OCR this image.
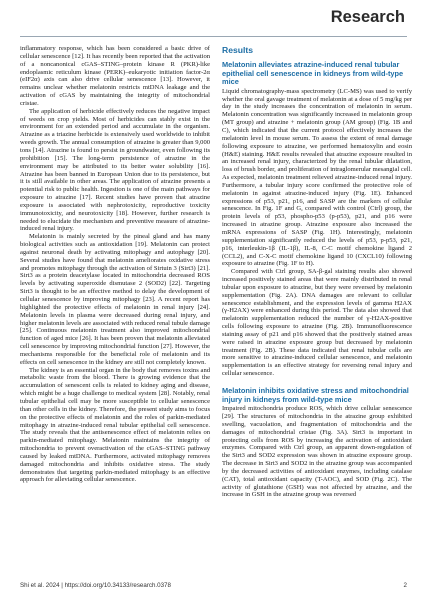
Research

inflammatory response, which has been considered a basic drive of cellular senescence [12]. It has recently been reported that the activation of a noncanonical cGAS–STING–protein kinase R (PKR)-like endoplasmic reticulum kinase (PERK)–eukaryotic initiation factor-2α (eIF2α) axis can also drive cellular senescence [13]. However, it remains unclear whether melatonin restricts mtDNA leakage and the activation of cGAS by maintaining the integrity of mitochondrial cristae.

The application of herbicide effectively reduces the negative impact of weeds on crop yields. Most of herbicides can stably exist in the environment for an extended period and accumulate in the organism. Atrazine as a triazine herbicide is extensively used worldwide to inhibit weeds growth. The annual consumption of atrazine is greater than 9,000 tons [14]. Atrazine is found to persist in groundwater, even following its prohibition [15]. The long-term persistence of atrazine in the environment may be attributed to its better water solubility [16]. Atrazine has been banned in European Union due to its persistence, but it is still available in other areas. The application of atrazine presents a potential risk to public health. Ingestion is one of the main pathways for exposure to atrazine [17]. Recent studies have proven that atrazine exposure is associated with nephrotoxicity, reproductive toxicity immunotoxicity, and neurotoxicity [18]. However, further research is needed to elucidate the mechanism and preventive measure of atrazine-induced renal injury.

Melatonin is mainly secreted by the pineal gland and has many biological activities such as antioxidation [19]. Melatonin can protect against neuronal death by activating mitophagy and autophagy [20]. Several studies have found that melatonin ameliorates oxidative stress and promotes mitophagy through the activation of Sirtuin 3 (Sirt3) [21]. Sirt3 as a protein deacetylase located in mitochondria decreased ROS levels by activating superoxide dismutase 2 (SOD2) [22]. Targeting Sirt3 is thought to be an effective method to delay the development of cellular senescence by improving mitophagy [23]. A recent report has highlighted the protective effects of melatonin in renal injury [24]. Melatonin levels in plasma were decreased during renal injury, and higher melatonin levels are associated with reduced renal tubule damage [25]. Continuous melatonin treatment also improved mitochondrial function of aged mice [26]. It has been proven that melatonin alleviated cell senescence by improving mitochondrial function [27]. However, the mechanisms responsible for the beneficial role of melatonin and its effects on cell senescence in the kidney are still not completely known.

The kidney is an essential organ in the body that removes toxins and metabolic waste from the blood. There is growing evidence that the accumulation of senescent cells is related to kidney aging and disease, which might be a huge challenge to medical system [28]. Notably, renal tubular epithelial cell may be more susceptible to cellular senescence than other cells in the kidney. Therefore, the present study aims to focus on the protective effects of melatonin and the roles of parkin-mediated mitophagy in atrazine-induced renal tubular epithelial cell senescence. The study reveals that the antisenescence effect of melatonin relies on parkin-mediated mitophagy. Melatonin maintains the integrity of mitochondria to prevent overactivation of the cGAS–STING pathway caused by leaked mtDNA. Furthermore, activated mitophagy removes damaged mitochondria and inhibits oxidative stress. The study demonstrates that targeting parkin-mediated mitophagy is an effective approach for alleviating cellular senescence.

Results
Melatonin alleviates atrazine-induced renal tubular epithelial cell senescence in kidneys from wild-type mice

Liquid chromatography-mass spectrometry (LC-MS) was used to verify whether the oral gavage treatment of melatonin at a dose of 5 mg/kg per day in the study increases the concentration of melatonin in serum. Melatonin concentration was significantly increased in melatonin group (MT group) and atrazine + melatonin group (AM group) (Fig. 1B and C), which indicated that the current protocol effectively increases the melatonin level in mouse serum. To assess the extent of renal damage following exposure to atrazine, we performed hematoxylin and eosin (H&E) staining. H&E results revealed that atrazine exposure resulted in an increased renal injury, characterized by the renal tubular dilatation, loss of brush border, and proliferation of intraglomerular mesangial cell. As expected, melatonin treatment relieved atrazine-induced renal injury. Furthermore, a tubular injury score confirmed the protective role of melatonin in against atrazine-induced injury (Fig. 1E). Enhanced expressions of p53, p21, p16, and SASP are the markers of cellular senescence. In Fig. 1F and G, compared with control (Ctrl) group, the protein levels of p53, phospho-p53 (p-p53), p21, and p16 were increased in atrazine group. Atrazine exposure also increased the mRNA expressions of SASP (Fig. 1H). Interestingly, melatonin supplementation significantly reduced the levels of p53, p-p53, p21, p16, interleukin-1β (IL-1β), IL-8, C-C motif chemokine ligand 2 (CCL2), and C-X-C motif chemokine ligand 10 (CXCL10) following exposure to atrazine (Fig. 1F to H).

Compared with Ctrl group, SA-β-gal staining results also showed increased positively stained areas that were mainly distributed in renal tubular upon exposure to atrazine, but they were reversed by melatonin supplementation (Fig. 2A). DNA damages are relevant to cellular senescence establishment, and the expression levels of gamma H2AX (γ-H2AX) were enhanced during this period. The data also showed that melatonin supplementation reduced the number of γ-H2AX-positive cells following exposure to atrazine (Fig. 2B). Immunofluorescence staining assay of p21 and p16 showed that the positively stained areas were raised in atrazine exposure group but decreased by melatonin treatment (Fig. 2B). These data indicated that renal tubular cells are more sensitive to atrazine-induced cellular senescence, and melatonin supplementation is an effective strategy for reversing renal injury and cellular senescence.

Melatonin inhibits oxidative stress and mitochondrial injury in kidneys from wild-type mice

Impaired mitochondria produce ROS, which drive cellular senescence [29]. The structures of mitochondria in the atrazine group exhibited swelling, vacuolation, and fragmentation of mitochondria and the damages of mitochondrial cristae (Fig. 3A). Sirt3 is important in protecting cells from ROS by increasing the activation of antioxidant enzymes. Compared with Ctrl group, an apparent down-regulation of the Sirt3 and SOD2 expression was shown in atrazine exposure group. The decrease in Sirt3 and SOD2 in the atrazine group was accompanied by the decreased activities of antioxidant enzymes, including catalase (CAT), total antioxidant capacity (T-AOC), and SOD (Fig. 2C). The activity of glutathione (GSH) was not affected by atrazine, and the increase in GSH in the atrazine group was reversed

Shi et al. 2024 | https://doi.org/10.34133/research.0378	2
